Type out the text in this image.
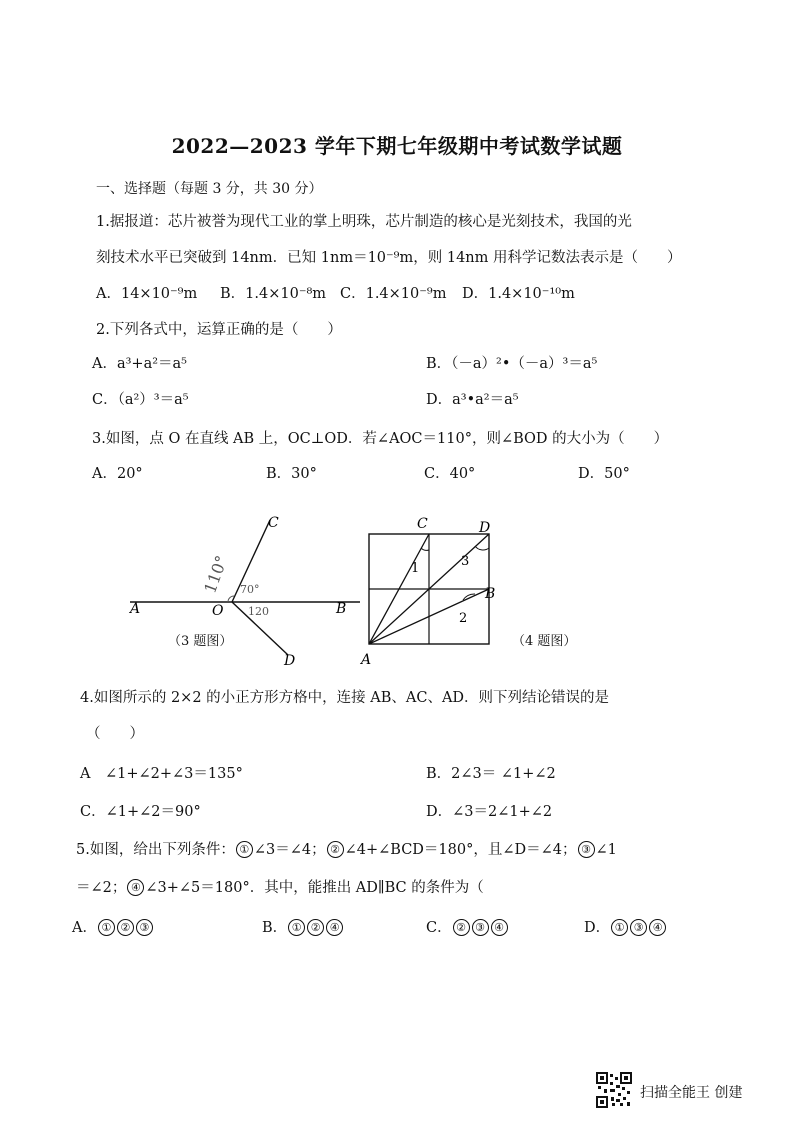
2022—2023 学年下期七年级期中考试数学试题
一、选择题（每题 3 分，共 30 分）
1.据报道：芯片被誉为现代工业的掌上明珠，芯片制造的核心是光刻技术，我国的光
刻技术水平已突破到 14nm．已知 1nm＝10⁻⁹m，则 14nm 用科学记数法表示是（　　）
A．14×10⁻⁹m B．1.4×10⁻⁸m C．1.4×10⁻⁹m D．1.4×10⁻¹⁰m
2.下列各式中，运算正确的是（　　）
A．a³+a²＝a⁵	B．（－a）²•（－a）³＝a⁵
C．（a²）³＝a⁵	D．a³•a²＝a⁵
3.如图，点 O 在直线 AB 上，OC⊥OD．若∠AOC＝110°，则∠BOD 的大小为（　　）
A．20°	B．30°	C．40°	D．50°
A	O	B
C
D
110° 70°
120
（3 题图）
A
B
C	D
1
2
3
（4 题图）
4.如图所示的 2×2 的小正方形方格中，连接 AB、AC、AD．则下列结论错误的是
（　　）
A　∠1+∠2+∠3＝135°	B．2∠3＝ ∠1+∠2
C．∠1+∠2＝90°	D．∠3＝2∠1+∠2
5.如图，给出下列条件： ① ∠3＝∠4； ② ∠4+∠BCD＝180°，且∠D＝∠4； ③ ∠1
＝∠2； ④ ∠3+∠5＝180°．其中，能推出 AD∥BC 的条件为（
A． ① ② ③	B． ① ② ④	C． ② ③ ④	D． ① ③ ④
扫描全能王 创建
